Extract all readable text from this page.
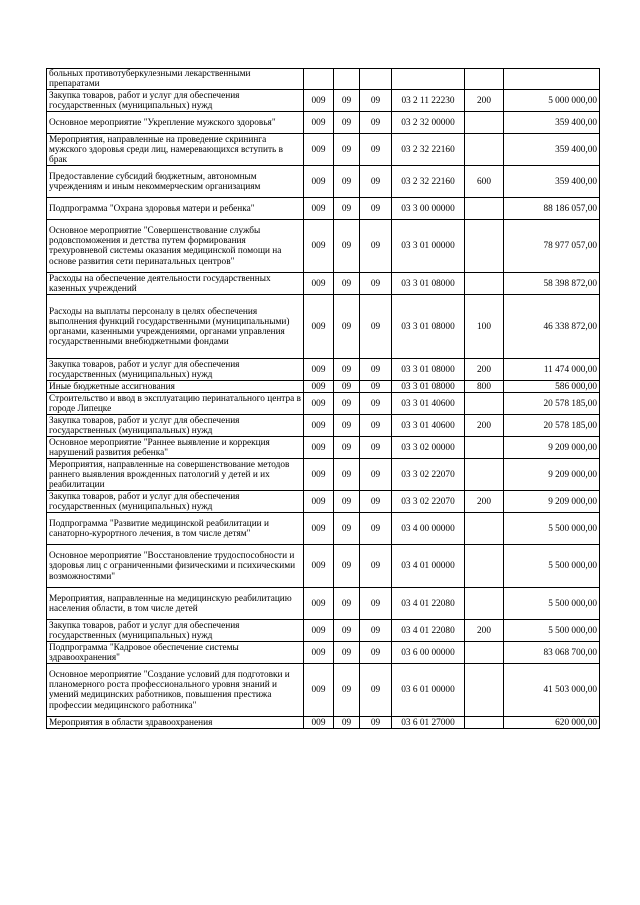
больных противотуберкулезными лекарственными препаратами						
Закупка товаров, работ и услуг для обеспечения государственных (муниципальных) нужд	009	09	09	03 2 11 22230	200	5 000 000,00
Основное мероприятие "Укрепление мужского здоровья"	009	09	09	03 2 32 00000		359 400,00
Мероприятия, направленные на проведение скрининга мужского здоровья среди лиц, намеревающихся вступить в брак	009	09	09	03 2 32 22160		359 400,00
Предоставление субсидий бюджетным, автономным учреждениям и иным некоммерческим организациям	009	09	09	03 2 32 22160	600	359 400,00
Подпрограмма "Охрана здоровья матери и ребенка"	009	09	09	03 3 00 00000		88 186 057,00
Основное мероприятие "Совершенствование службы родовспоможения и детства путем формирования трехуровневой системы оказания медицинской помощи на основе развития сети перинатальных центров"	009	09	09	03 3 01 00000		78 977 057,00
Расходы на обеспечение деятельности государственных казенных учреждений	009	09	09	03 3 01 08000		58 398 872,00
Расходы на выплаты персоналу в целях обеспечения выполнения функций государственными (муниципальными) органами, казенными учреждениями, органами управления государственными внебюджетными фондами	009	09	09	03 3 01 08000	100	46 338 872,00
Закупка товаров, работ и услуг для обеспечения государственных (муниципальных) нужд	009	09	09	03 3 01 08000	200	11 474 000,00
Иные бюджетные ассигнования	009	09	09	03 3 01 08000	800	586 000,00
Строительство и ввод в эксплуатацию перинатального центра в городе Липецке	009	09	09	03 3 01 40600		20 578 185,00
Закупка товаров, работ и услуг для обеспечения государственных (муниципальных) нужд	009	09	09	03 3 01 40600	200	20 578 185,00
Основное мероприятие "Раннее выявление и коррекция нарушений развития ребенка"	009	09	09	03 3 02 00000		9 209 000,00
Мероприятия, направленные на совершенствование методов раннего выявления врожденных патологий у детей и их реабилитации	009	09	09	03 3 02 22070		9 209 000,00
Закупка товаров, работ и услуг для обеспечения государственных (муниципальных) нужд	009	09	09	03 3 02 22070	200	9 209 000,00
Подпрограмма "Развитие медицинской реабилитации и санаторно-курортного лечения, в том числе детям"	009	09	09	03 4 00 00000		5 500 000,00
Основное мероприятие "Восстановление трудоспособности и здоровья лиц с ограниченными физическими и психическими возможностями"	009	09	09	03 4 01 00000		5 500 000,00
Мероприятия, направленные на медицинскую реабилитацию населения области, в том числе детей	009	09	09	03 4 01 22080		5 500 000,00
Закупка товаров, работ и услуг для обеспечения государственных (муниципальных) нужд	009	09	09	03 4 01 22080	200	5 500 000,00
Подпрограмма "Кадровое обеспечение системы здравоохранения"	009	09	09	03 6 00 00000		83 068 700,00
Основное мероприятие "Создание условий для подготовки и планомерного роста профессионального уровня знаний и умений медицинских работников, повышения престижа профессии медицинского работника"	009	09	09	03 6 01 00000		41 503 000,00
Мероприятия в области здравоохранения	009	09	09	03 6 01 27000		620 000,00
